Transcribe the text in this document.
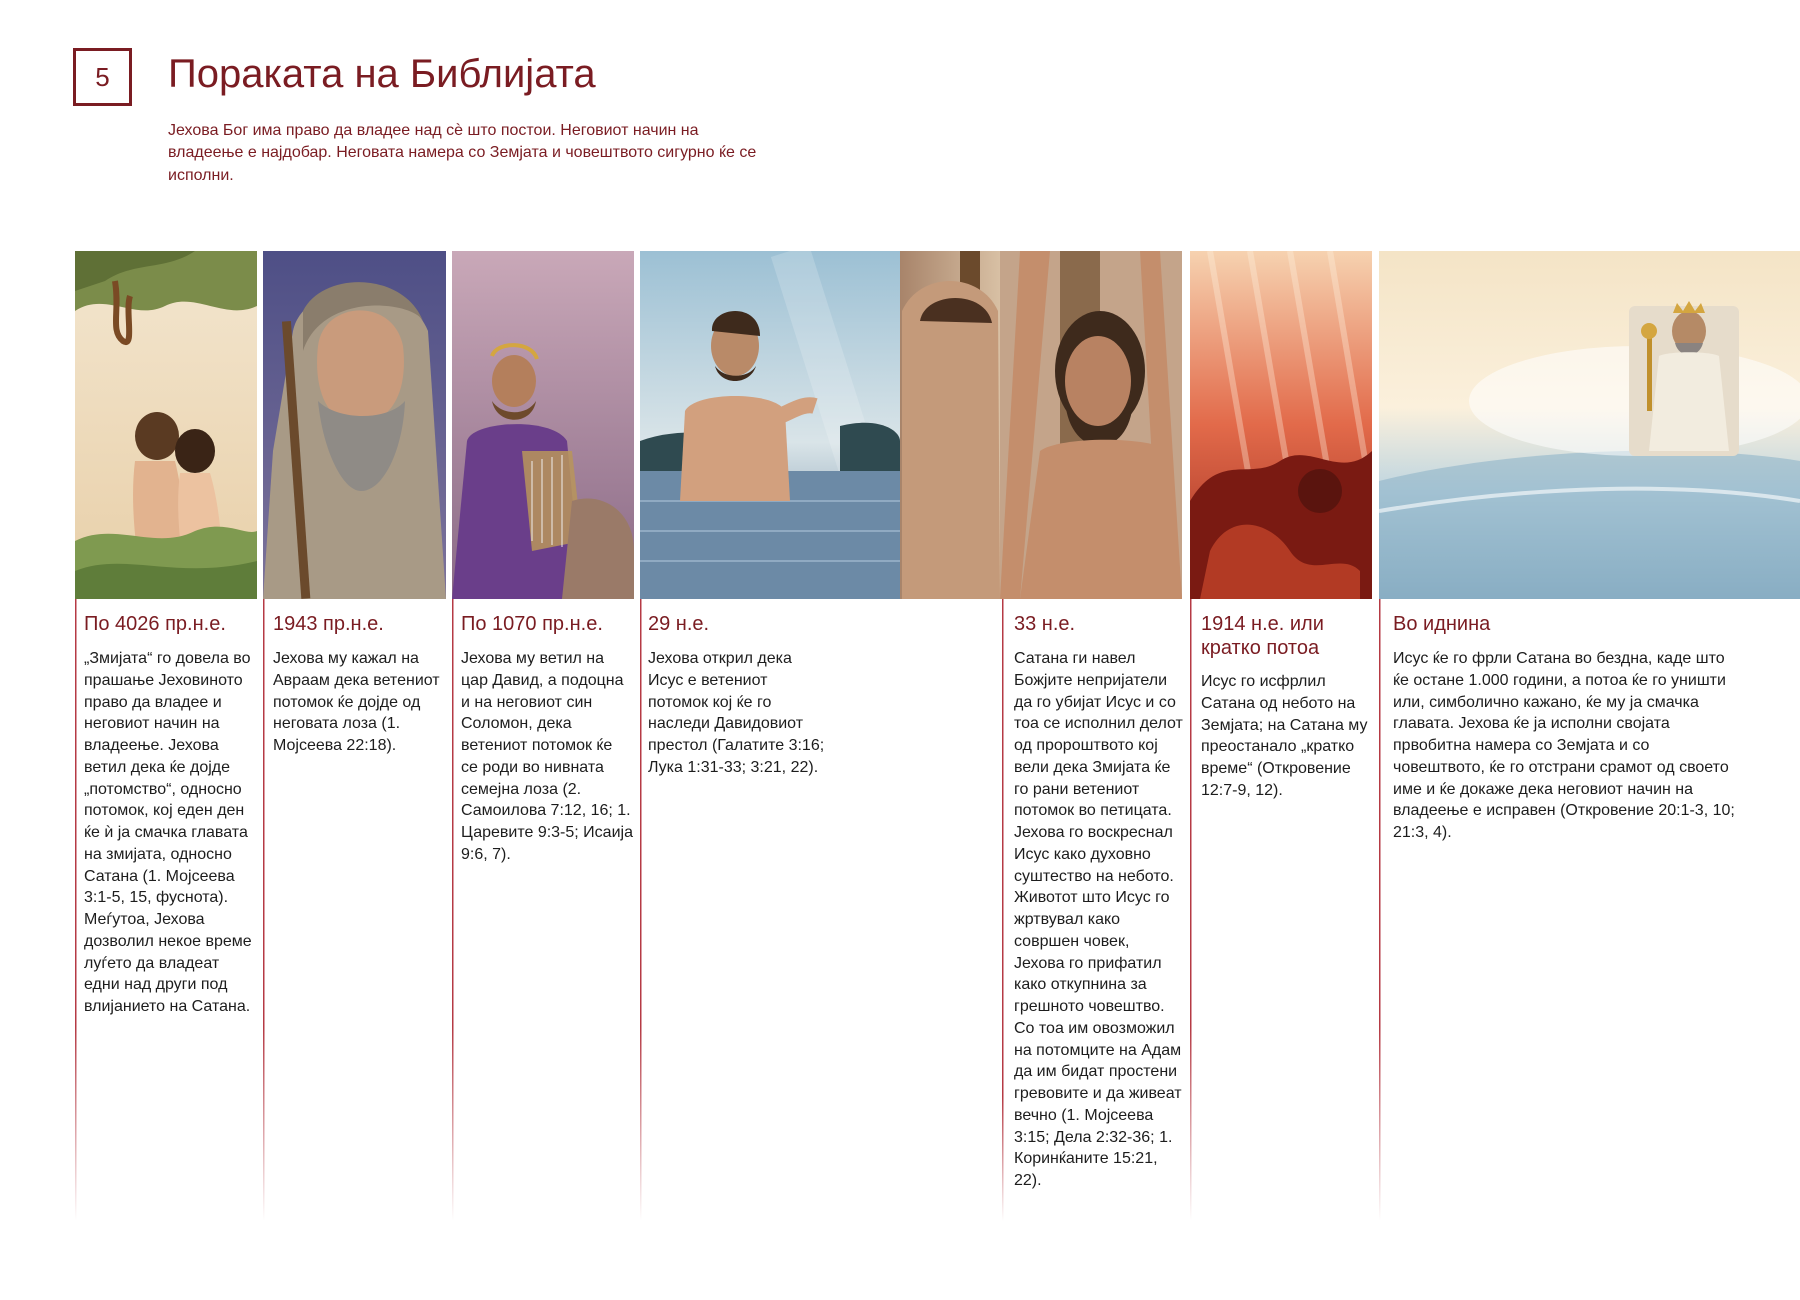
5 Пораката на Библијата

Јехова Бог има право да владее над сѐ што постои. Неговиот начин на владеење е најдобар. Неговата намера со Земјата и човештвото сигурно ќе се исполни.

По 4026 пр.н.е.

„Змијата“ го довела во прашање Јеховиното право да владее и неговиот начин на владеење. Јехова ветил дека ќе дојде „потомство“, односно потомок, кој еден ден ќе ѝ ја смачка главата на змијата, односно Сатана (1. Мојсеева 3:1-5, 15, фуснота). Меѓутоа, Јехова дозволил некое време луѓето да владеат едни над други под влијанието на Сатана.

1943 пр.н.е.

Јехова му кажал на Авраам дека ветениот потомок ќе дојде од неговата лоза (1. Мојсеева 22:18).

По 1070 пр.н.е.

Јехова му ветил на цар Давид, а подоцна и на неговиот син Соломон, дека ветениот потомок ќе се роди во нивната семејна лоза (2. Самоилова 7:12, 16; 1. Царевите 9:3-5; Исаија 9:6, 7).

29 н.е.

Јехова открил дека Исус е ветениот потомок кој ќе го наследи Давидовиот престол (Галатите 3:16; Лука 1:31-33; 3:21, 22).

33 н.е.

Сатана ги навел Божјите непријатели да го убијат Исус и со тоа се исполнил делот од пророштвото кој вели дека Змијата ќе го рани ветениот потомок во петицата. Јехова го воскреснал Исус како духовно суштество на небото. Животот што Исус го жртвувал како совршен човек, Јехова го прифатил како откупнина за грешното човештво. Со тоа им овозможил на потомците на Адам да им бидат простени гревовите и да живеат вечно (1. Мојсеева 3:15; Дела 2:32-36; 1. Коринќаните 15:21, 22).

1914 н.е. или кратко потоа

Исус го исфрлил Сатана од небото на Земјата; на Сатана му преостанало „кратко време“ (Откровение 12:7-9, 12).

Во иднина

Исус ќе го фрли Сатана во бездна, каде што ќе остане 1.000 години, а потоа ќе го уништи или, симболично кажано, ќе му ја смачка главата. Јехова ќе ја исполни својата првобитна намера со Земјата и со човештвото, ќе го отстрани срамот од своето име и ќе докаже дека неговиот начин на владеење е исправен (Откровение 20:1-3, 10; 21:3, 4).
